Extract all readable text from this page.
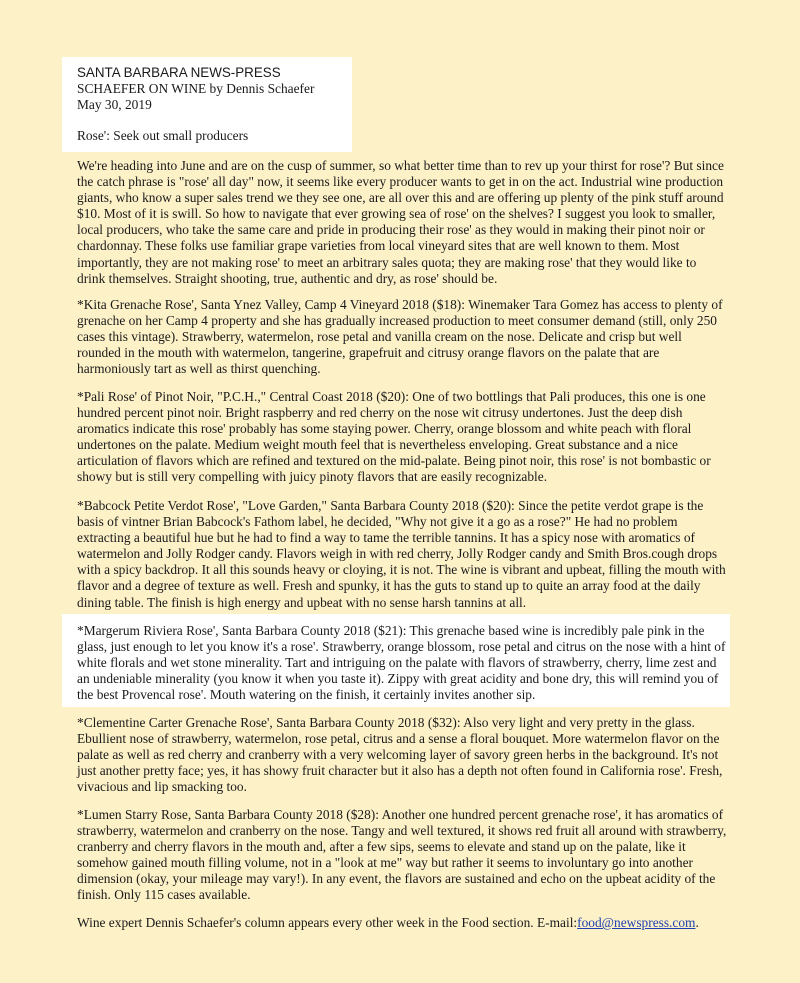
SANTA BARBARA NEWS-PRESS
SCHAEFER ON WINE by Dennis Schaefer
May 30, 2019
Rose': Seek out small producers

We're heading into June and are on the cusp of summer, so what better time than to rev up your thirst for rose'? But since the catch phrase is "rose' all day" now, it seems like every producer wants to get in on the act. Industrial wine production giants, who know a super sales trend we they see one, are all over this and are offering up plenty of the pink stuff around $10. Most of it is swill. So how to navigate that ever growing sea of rose' on the shelves? I suggest you look to smaller, local producers, who take the same care and pride in producing their rose' as they would in making their pinot noir or chardonnay. These folks use familiar grape varieties from local vineyard sites that are well known to them. Most importantly, they are not making rose' to meet an arbitrary sales quota; they are making rose' that they would like to drink themselves. Straight shooting, true, authentic and dry, as rose' should be.

*Kita Grenache Rose', Santa Ynez Valley, Camp 4 Vineyard 2018 ($18): Winemaker Tara Gomez has access to plenty of grenache on her Camp 4 property and she has gradually increased production to meet consumer demand (still, only 250 cases this vintage). Strawberry, watermelon, rose petal and vanilla cream on the nose. Delicate and crisp but well rounded in the mouth with watermelon, tangerine, grapefruit and citrusy orange flavors on the palate that are harmoniously tart as well as thirst quenching.

*Pali Rose' of Pinot Noir, "P.C.H.," Central Coast 2018 ($20): One of two bottlings that Pali produces, this one is one hundred percent pinot noir. Bright raspberry and red cherry on the nose wit citrusy undertones. Just the deep dish aromatics indicate this rose' probably has some staying power. Cherry, orange blossom and white peach with floral undertones on the palate. Medium weight mouth feel that is nevertheless enveloping. Great substance and a nice articulation of flavors which are refined and textured on the mid-palate. Being pinot noir, this rose' is not bombastic or showy but is still very compelling with juicy pinoty flavors that are easily recognizable.

*Babcock Petite Verdot Rose', "Love Garden," Santa Barbara County 2018 ($20): Since the petite verdot grape is the basis of vintner Brian Babcock's Fathom label, he decided, "Why not give it a go as a rose?" He had no problem extracting a beautiful hue but he had to find a way to tame the terrible tannins. It has a spicy nose with aromatics of watermelon and Jolly Rodger candy. Flavors weigh in with red cherry, Jolly Rodger candy and Smith Bros.cough drops with a spicy backdrop. It all this sounds heavy or cloying, it is not. The wine is vibrant and upbeat, filling the mouth with flavor and a degree of texture as well. Fresh and spunky, it has the guts to stand up to quite an array food at the daily dining table. The finish is high energy and upbeat with no sense harsh tannins at all.

*Margerum Riviera Rose', Santa Barbara County 2018 ($21): This grenache based wine is incredibly pale pink in the glass, just enough to let you know it's a rose'. Strawberry, orange blossom, rose petal and citrus on the nose with a hint of white florals and wet stone minerality. Tart and intriguing on the palate with flavors of strawberry, cherry, lime zest and an undeniable minerality (you know it when you taste it). Zippy with great acidity and bone dry, this will remind you of the best Provencal rose'. Mouth watering on the finish, it certainly invites another sip.

*Clementine Carter Grenache Rose', Santa Barbara County 2018 ($32): Also very light and very pretty in the glass. Ebullient nose of strawberry, watermelon, rose petal, citrus and a sense a floral bouquet. More watermelon flavor on the palate as well as red cherry and cranberry with a very welcoming layer of savory green herbs in the background. It's not just another pretty face; yes, it has showy fruit character but it also has a depth not often found in California rose'. Fresh, vivacious and lip smacking too.

*Lumen Starry Rose, Santa Barbara County 2018 ($28): Another one hundred percent grenache rose', it has aromatics of strawberry, watermelon and cranberry on the nose. Tangy and well textured, it shows red fruit all around with strawberry, cranberry and cherry flavors in the mouth and, after a few sips, seems to elevate and stand up on the palate, like it somehow gained mouth filling volume, not in a "look at me" way but rather it seems to involuntary go into another dimension (okay, your mileage may vary!). In any event, the flavors are sustained and echo on the upbeat acidity of the finish. Only 115 cases available.

Wine expert Dennis Schaefer's column appears every other week in the Food section. E-mail:food@newspress.com.
